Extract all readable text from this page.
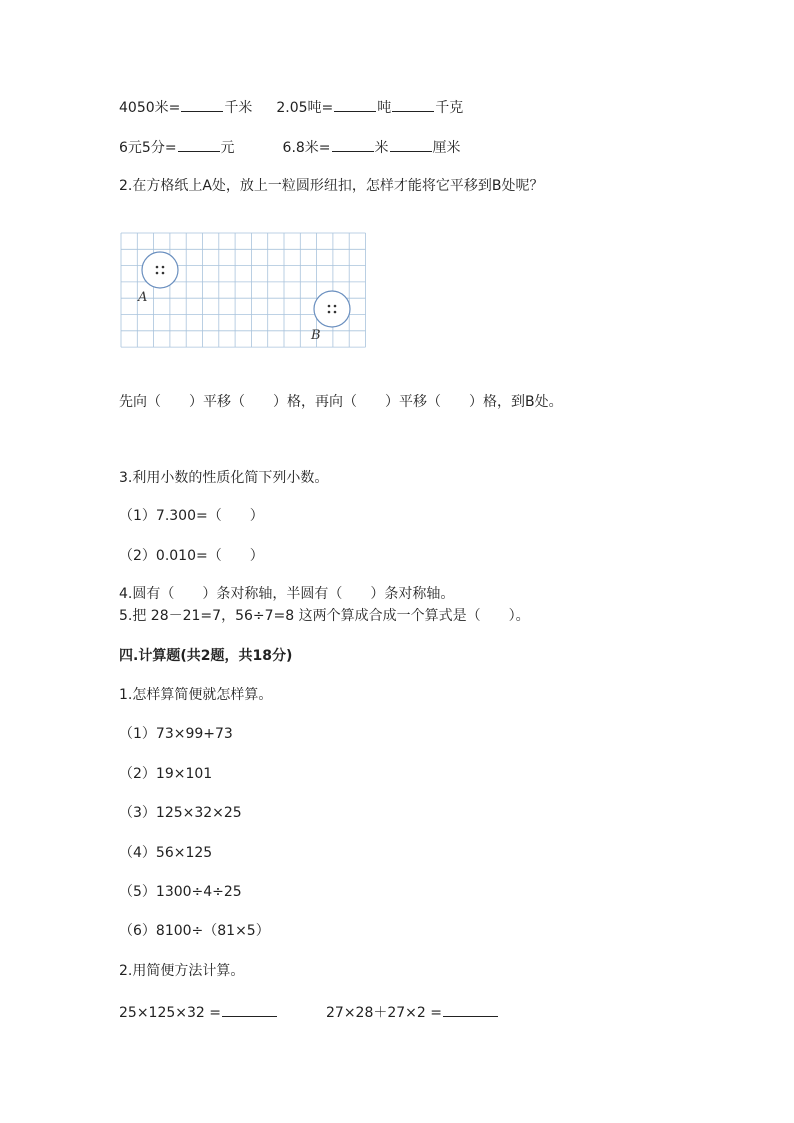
4050米=	千米 2.05吨=	吨	千克
6元5分=	元	6.8米=	米	厘米
2.在方格纸上A处，放上一粒圆形纽扣，怎样才能将它平移到B处呢？
A
B
先向（　　）平移（　　）格，再向（　　）平移（　　）格，到B处。
3.利用小数的性质化简下列小数。
（1）7.300=（　　）
（2）0.010=（　　）
4.圆有（　　）条对称轴，半圆有（　　）条对称轴。
5.把 28－21=7，56÷7=8 这两个算成合成一个算式是（　　）。
四.计算题(共2题，共18分)
1.怎样算简便就怎样算。
（1）73×99+73
（2）19×101
（3）125×32×25
（4）56×125
（5）1300÷4÷25
（6）8100÷（81×5）
2.用简便方法计算。
25×125×32 =	27×28＋27×2 =
